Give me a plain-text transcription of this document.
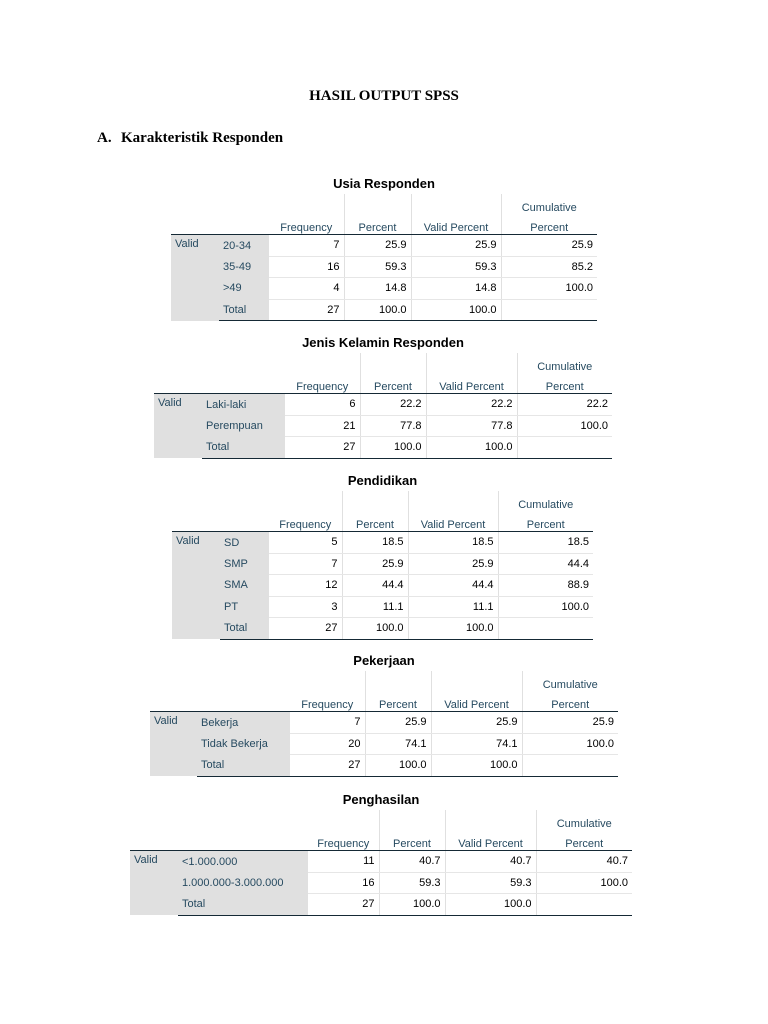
HASIL OUTPUT SPSS
A. Karakteristik Responden
Usia Responden
					Cumulative
		Frequency	Percent	Valid Percent	Percent
Valid	20-34	7	25.9	25.9	25.9
	35-49	16	59.3	59.3	85.2
	>49	4	14.8	14.8	100.0
	Total	27	100.0	100.0	
Jenis Kelamin Responden
					Cumulative
		Frequency	Percent	Valid Percent	Percent
Valid	Laki-laki	6	22.2	22.2	22.2
	Perempuan	21	77.8	77.8	100.0
	Total	27	100.0	100.0	
Pendidikan
					Cumulative
		Frequency	Percent	Valid Percent	Percent
Valid	SD	5	18.5	18.5	18.5
	SMP	7	25.9	25.9	44.4
	SMA	12	44.4	44.4	88.9
	PT	3	11.1	11.1	100.0
	Total	27	100.0	100.0	
Pekerjaan
					Cumulative
		Frequency	Percent	Valid Percent	Percent
Valid	Bekerja	7	25.9	25.9	25.9
	Tidak Bekerja	20	74.1	74.1	100.0
	Total	27	100.0	100.0	
Penghasilan
					Cumulative
		Frequency	Percent	Valid Percent	Percent
Valid	<1.000.000	11	40.7	40.7	40.7
	1.000.000-3.000.000	16	59.3	59.3	100.0
	Total	27	100.0	100.0	
